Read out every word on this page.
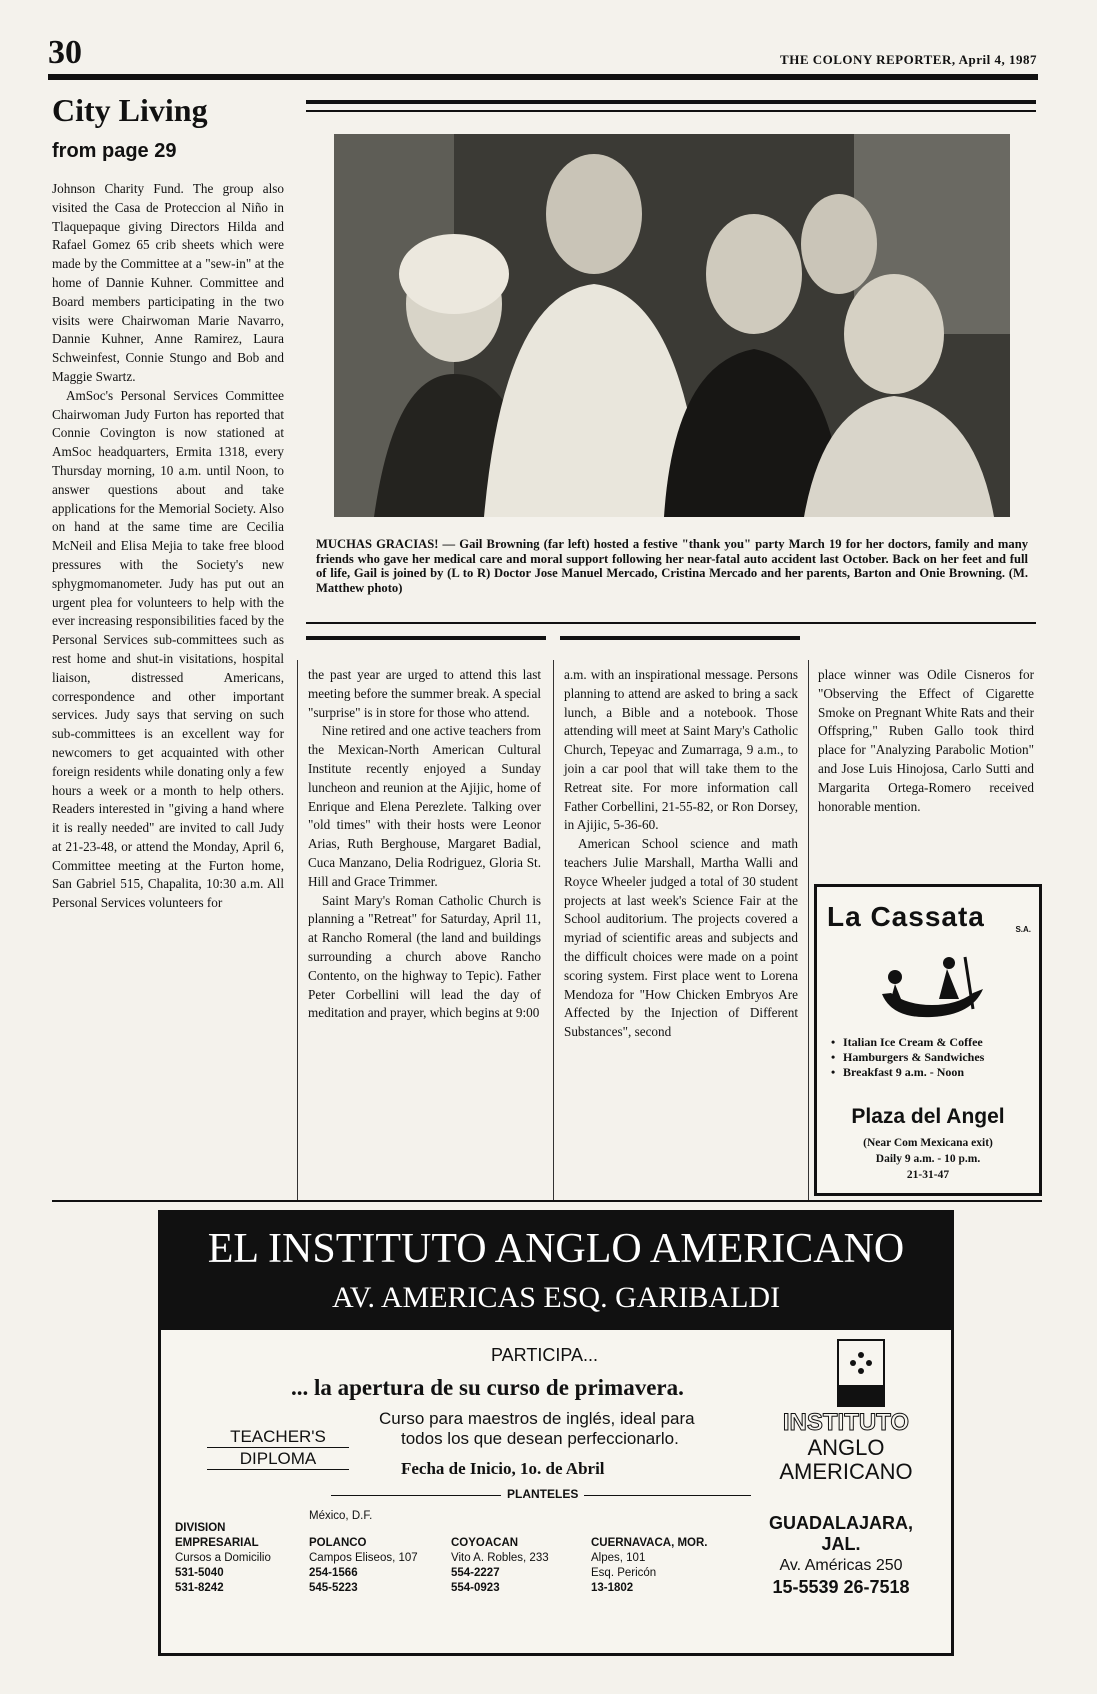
30	THE COLONY REPORTER, April 4, 1987
City Living
from page 29

Johnson Charity Fund. The group also visited the Casa de Proteccion al Niño in Tlaquepaque giving Directors Hilda and Rafael Gomez 65 crib sheets which were made by the Committee at a "sew-in" at the home of Dannie Kuhner. Committee and Board members participating in the two visits were Chairwoman Marie Navarro, Dannie Kuhner, Anne Ramirez, Laura Schweinfest, Connie Stungo and Bob and Maggie Swartz.

AmSoc's Personal Services Committee Chairwoman Judy Furton has reported that Connie Covington is now stationed at AmSoc headquarters, Ermita 1318, every Thursday morning, 10 a.m. until Noon, to answer questions about and take applications for the Memorial Society. Also on hand at the same time are Cecilia McNeil and Elisa Mejia to take free blood pressures with the Society's new sphygmomanometer. Judy has put out an urgent plea for volunteers to help with the ever increasing responsibilities faced by the Personal Services sub-committees such as rest home and shut-in visitations, hospital liaison, distressed Americans, correspondence and other important services. Judy says that serving on such sub-committees is an excellent way for newcomers to get acquainted with other foreign residents while donating only a few hours a week or a month to help others. Readers interested in "giving a hand where it is really needed" are invited to call Judy at 21-23-48, or attend the Monday, April 6, Committee meeting at the Furton home, San Gabriel 515, Chapalita, 10:30 a.m. All Personal Services volunteers for

MUCHAS GRACIAS! — Gail Browning (far left) hosted a festive "thank you" party March 19 for her doctors, family and many friends who gave her medical care and moral support following her near-fatal auto accident last October. Back on her feet and full of life, Gail is joined by (L to R) Doctor Jose Manuel Mercado, Cristina Mercado and her parents, Barton and Onie Browning. (M. Matthew photo)

the past year are urged to attend this last meeting before the summer break. A special "surprise" is in store for those who attend.

Nine retired and one active teachers from the Mexican-North American Cultural Institute recently enjoyed a Sunday luncheon and reunion at the Ajijic, home of Enrique and Elena Perezlete. Talking over "old times" with their hosts were Leonor Arias, Ruth Berghouse, Margaret Badial, Cuca Manzano, Delia Rodriguez, Gloria St. Hill and Grace Trimmer.

Saint Mary's Roman Catholic Church is planning a "Retreat" for Saturday, April 11, at Rancho Romeral (the land and buildings surrounding a church above Rancho Contento, on the highway to Tepic). Father Peter Corbellini will lead the day of meditation and prayer, which begins at 9:00

a.m. with an inspirational message. Persons planning to attend are asked to bring a sack lunch, a Bible and a notebook. Those attending will meet at Saint Mary's Catholic Church, Tepeyac and Zumarraga, 9 a.m., to join a car pool that will take them to the Retreat site. For more information call Father Corbellini, 21-55-82, or Ron Dorsey, in Ajijic, 5-36-60.

American School science and math teachers Julie Marshall, Martha Walli and Royce Wheeler judged a total of 30 student projects at last week's Science Fair at the School auditorium. The projects covered a myriad of scientific areas and subjects and the difficult choices were made on a point scoring system. First place went to Lorena Mendoza for "How Chicken Embryos Are Affected by the Injection of Different Substances", second

place winner was Odile Cisneros for "Observing the Effect of Cigarette Smoke on Pregnant White Rats and their Offspring," Ruben Gallo took third place for "Analyzing Parabolic Motion" and Jose Luis Hinojosa, Carlo Sutti and Margarita Ortega-Romero received honorable mention.

La Cassata	S.A.
• Italian Ice Cream & Coffee
• Hamburgers & Sandwiches
• Breakfast 9 a.m. - Noon
Plaza del Angel
(Near Com Mexicana exit)
Daily 9 a.m. - 10 p.m.
21-31-47
EL INSTITUTO ANGLO AMERICANO
AV. AMERICAS ESQ. GARIBALDI
PARTICIPA...
... la apertura de su curso de primavera.
Curso para maestros de inglés, ideal para
todos los que desean perfeccionarlo.
TEACHER'S
DIPLOMA
Fecha de Inicio, 1o. de Abril
PLANTELES
INSTITUTO
ANGLO
AMERICANO
México, D.F.
DIVISION
EMPRESARIAL
Cursos a Domicilio
531-5040
531-8242
POLANCO
Campos Eliseos, 107
254-1566
545-5223
COYOACAN
Vito A. Robles, 233
554-2227
554-0923
CUERNAVACA, MOR.
Alpes, 101
Esq. Pericón
13-1802
GUADALAJARA,
JAL.
Av. Américas 250
15-5539 26-7518
